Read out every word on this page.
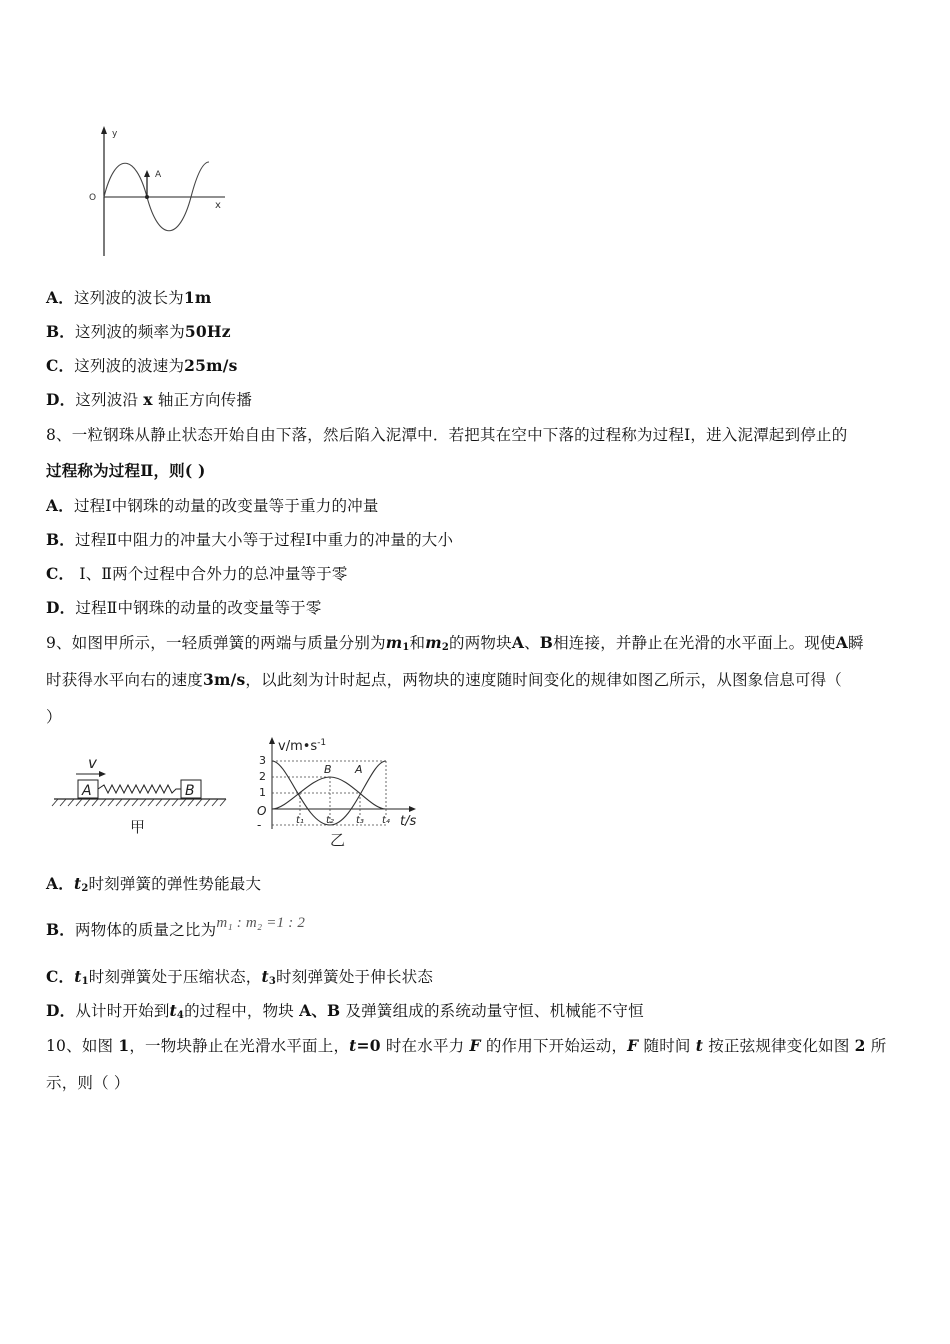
y
O
x
A
A．这列波的波长为1m
B．这列波的频率为50Hz
C．这列波的波速为25m/s
D．这列波沿 x 轴正方向传播
8、一粒钢珠从静止状态开始自由下落，然后陷入泥潭中．若把其在空中下落的过程称为过程Ⅰ，进入泥潭起到停止的
过程称为过程Ⅱ，则( )
A．过程Ⅰ中钢珠的动量的改变量等于重力的冲量
B．过程Ⅱ中阻力的冲量大小等于过程Ⅰ中重力的冲量的大小
C． Ⅰ、Ⅱ两个过程中合外力的总冲量等于零
D．过程Ⅱ中钢珠的动量的改变量等于零
9、如图甲所示，一轻质弹簧的两端与质量分别为$m_1$和$m_2$的两物块A、B相连接，并静止在光滑的水平面上。现使A瞬
时获得水平向右的速度3m/s，以此刻为计时起点，两物块的速度随时间变化的规律如图乙所示，从图象信息可得（
）
v
A	B
甲
$v/m•s^{-1}$
3
2
1
O
-
B A
t₁ t₂ t₃ t₄ t/s
乙
A．$t_2$时刻弹簧的弹性势能最大
B．两物体的质量之比为m₁ : m₂ =1 : 2
C．$t_1$时刻弹簧处于压缩状态，$t_3$时刻弹簧处于伸长状态
D．从计时开始到$t_4$的过程中，物块 A、B 及弹簧组成的系统动量守恒、机械能不守恒
10、如图 1，一物块静止在光滑水平面上，t=0 时在水平力 F 的作用下开始运动，F 随时间 t 按正弦规律变化如图 2 所
示，则（ ）
